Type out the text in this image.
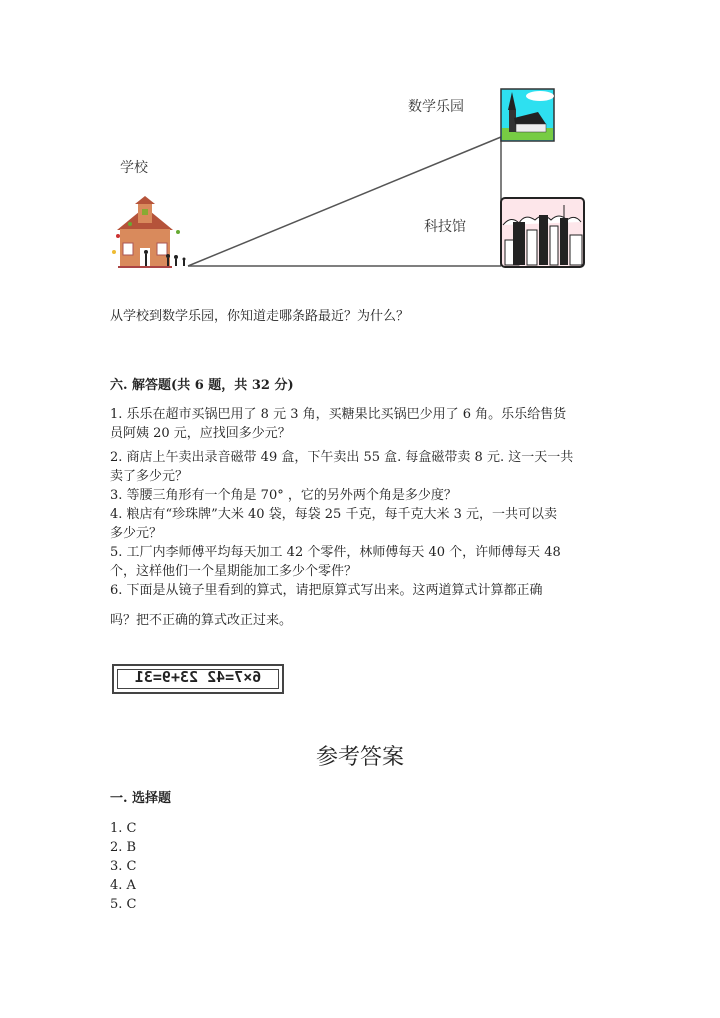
数学乐园
学校
科技馆
从学校到数学乐园，你知道走哪条路最近？为什么？
六. 解答题(共 6 题，共 32 分)
1. 乐乐在超市买锅巴用了 8 元 3 角，买糖果比买锅巴少用了 6 角。乐乐给售货
员阿姨 20 元，应找回多少元？
2. 商店上午卖出录音磁带 49 盒，下午卖出 55 盒. 每盒磁带卖 8 元. 这一天一共
卖了多少元？
3. 等腰三角形有一个角是 70° ，它的另外两个角是多少度？
4. 粮店有“珍珠牌”大米 40 袋，每袋 25 千克，每千克大米 3 元，一共可以卖
多少元？
5. 工厂内李师傅平均每天加工 42 个零件，林师傅每天 40 个，许师傅每天 48
个，这样他们一个星期能加工多少个零件？
6. 下面是从镜子里看到的算式，请把原算式写出来。这两道算式计算都正确
吗？把不正确的算式改正过来。
6×7=42 23+9=31
参考答案
一. 选择题
1. C
2. B
3. C
4. A
5. C
